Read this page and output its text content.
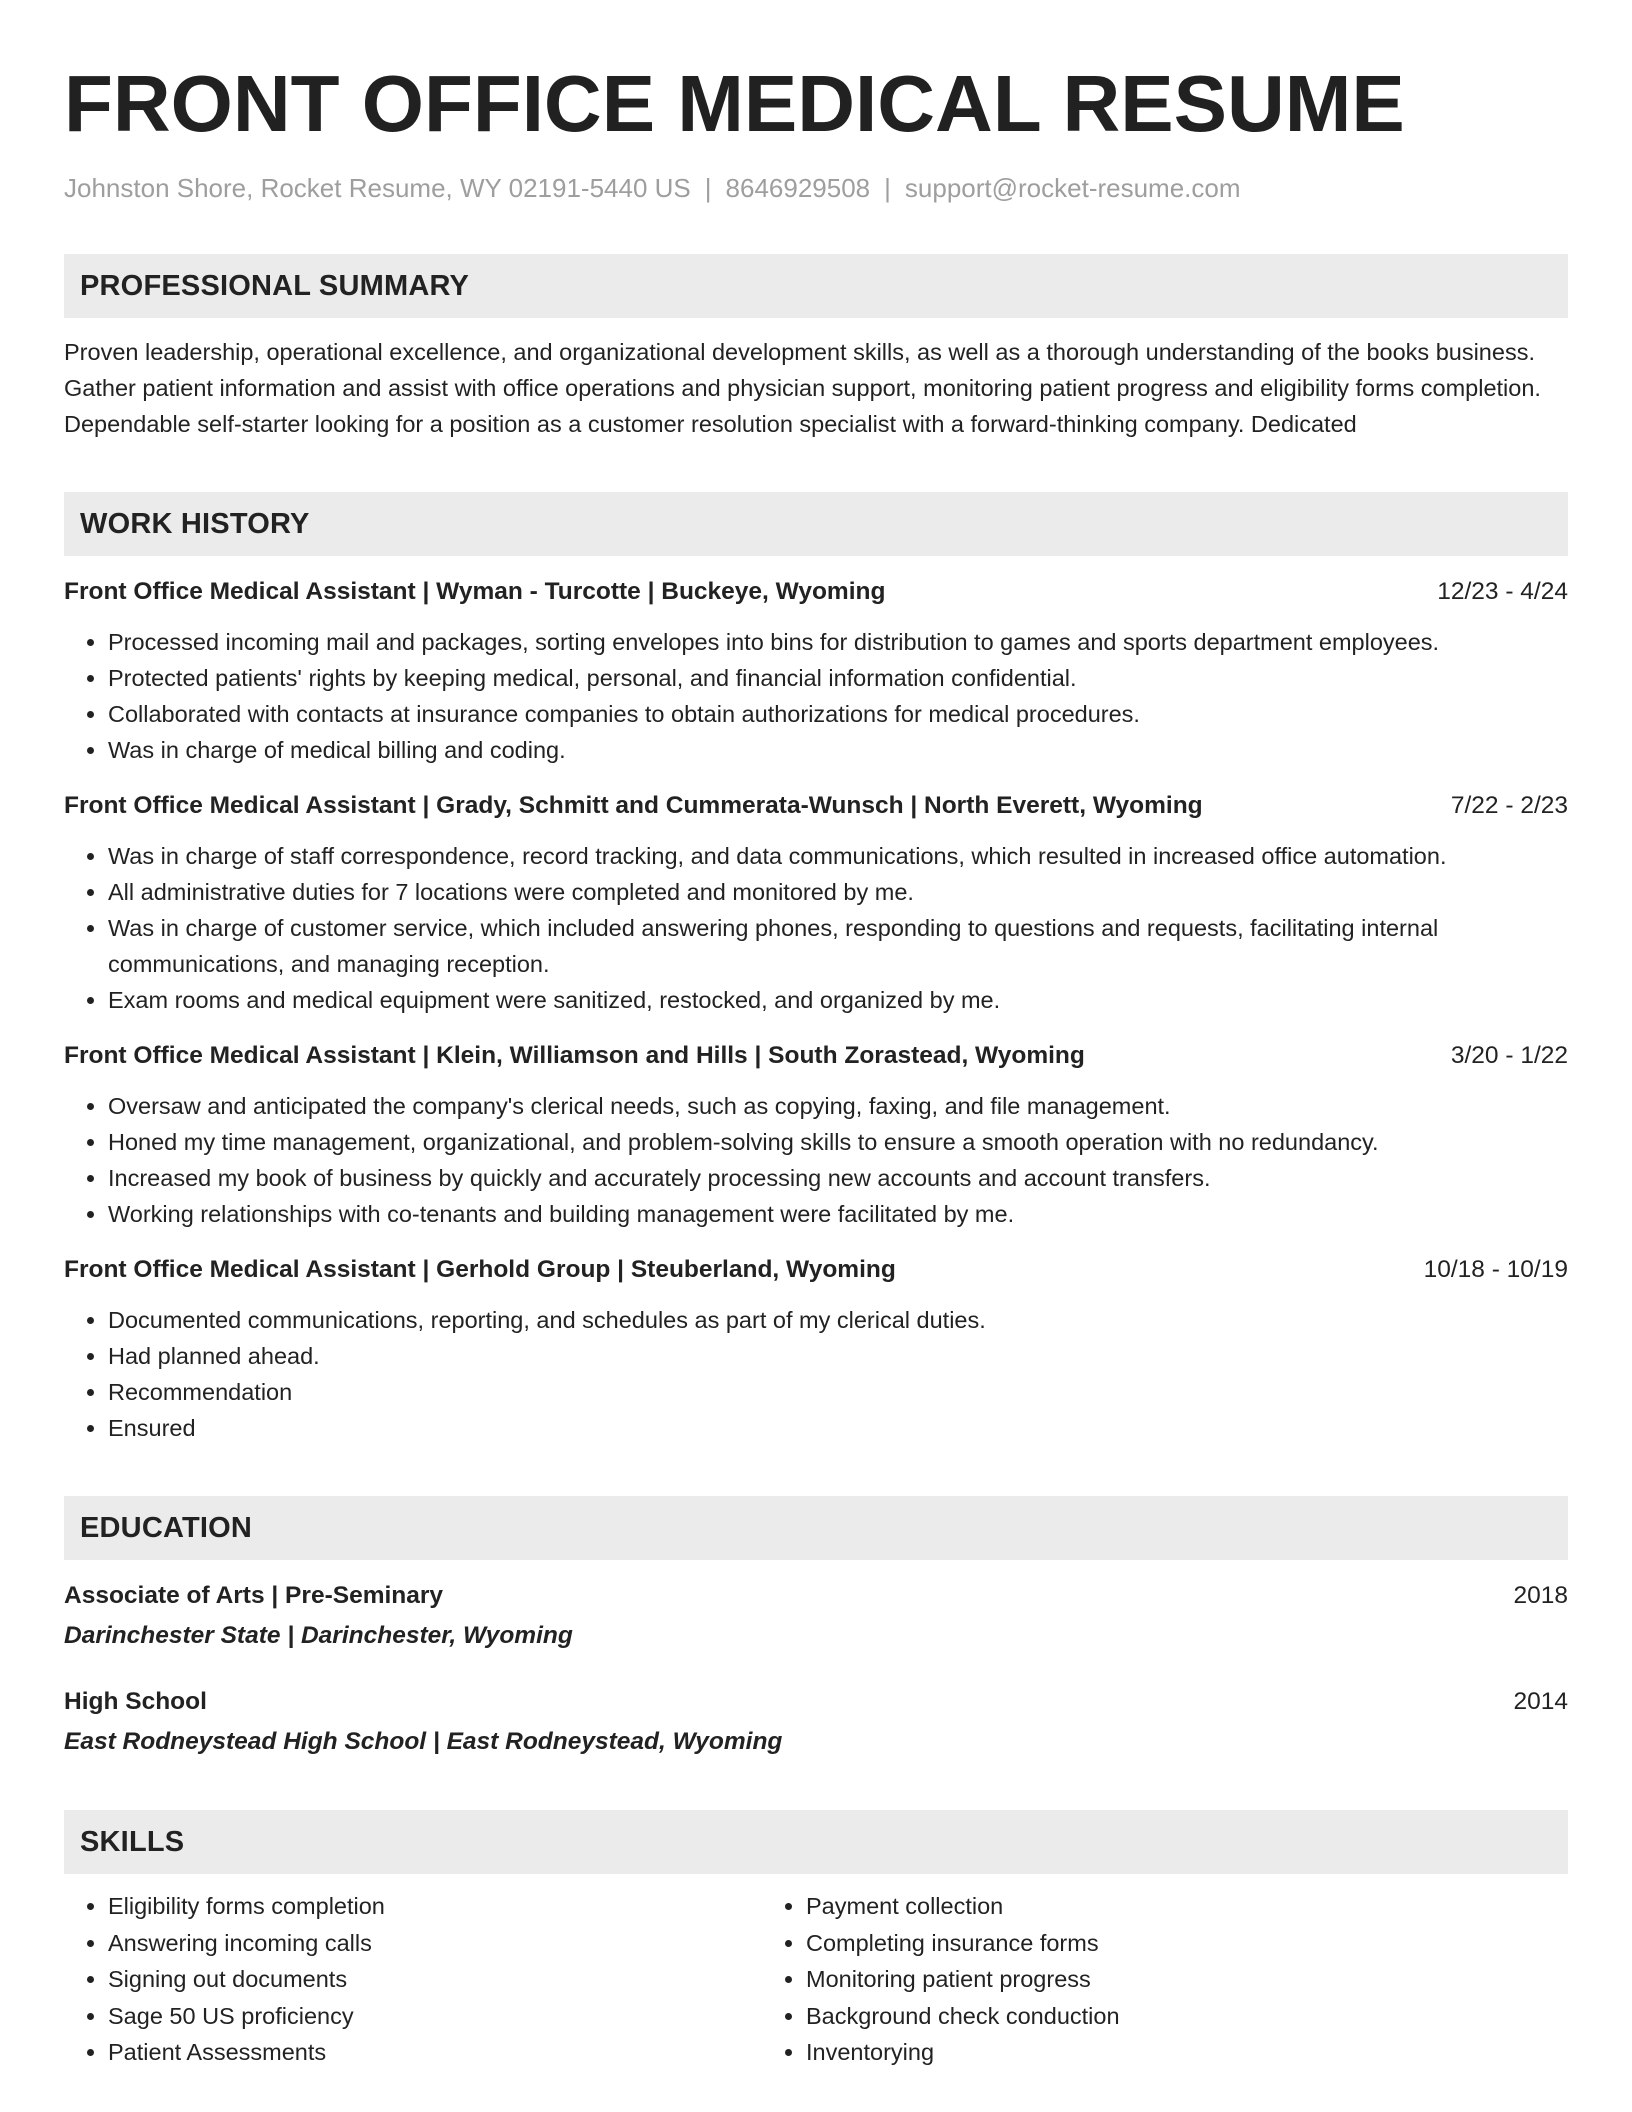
FRONT OFFICE MEDICAL RESUME
Johnston Shore, Rocket Resume, WY 02191-5440 US | 8646929508 | support@rocket-resume.com
PROFESSIONAL SUMMARY
Proven leadership, operational excellence, and organizational development skills, as well as a thorough understanding of the books business. Gather patient information and assist with office operations and physician support, monitoring patient progress and eligibility forms completion. Dependable self-starter looking for a position as a customer resolution specialist with a forward-thinking company. Dedicated
WORK HISTORY
Front Office Medical Assistant | Wyman - Turcotte | Buckeye, Wyoming	12/23 - 4/24
• Processed incoming mail and packages, sorting envelopes into bins for distribution to games and sports department employees.
• Protected patients' rights by keeping medical, personal, and financial information confidential.
• Collaborated with contacts at insurance companies to obtain authorizations for medical procedures.
• Was in charge of medical billing and coding.
Front Office Medical Assistant | Grady, Schmitt and Cummerata-Wunsch | North Everett, Wyoming	7/22 - 2/23
• Was in charge of staff correspondence, record tracking, and data communications, which resulted in increased office automation.
• All administrative duties for 7 locations were completed and monitored by me.
• Was in charge of customer service, which included answering phones, responding to questions and requests, facilitating internal communications, and managing reception.
• Exam rooms and medical equipment were sanitized, restocked, and organized by me.
Front Office Medical Assistant | Klein, Williamson and Hills | South Zorastead, Wyoming	3/20 - 1/22
• Oversaw and anticipated the company's clerical needs, such as copying, faxing, and file management.
• Honed my time management, organizational, and problem-solving skills to ensure a smooth operation with no redundancy.
• Increased my book of business by quickly and accurately processing new accounts and account transfers.
• Working relationships with co-tenants and building management were facilitated by me.
Front Office Medical Assistant | Gerhold Group | Steuberland, Wyoming	10/18 - 10/19
• Documented communications, reporting, and schedules as part of my clerical duties.
• Had planned ahead.
• Recommendation
• Ensured
EDUCATION
Associate of Arts | Pre-Seminary	2018
Darinchester State | Darinchester, Wyoming
High School	2014
East Rodneystead High School | East Rodneystead, Wyoming
SKILLS
• Eligibility forms completion
• Answering incoming calls
• Signing out documents
• Sage 50 US proficiency
• Patient Assessments
• Payment collection
• Completing insurance forms
• Monitoring patient progress
• Background check conduction
• Inventorying
